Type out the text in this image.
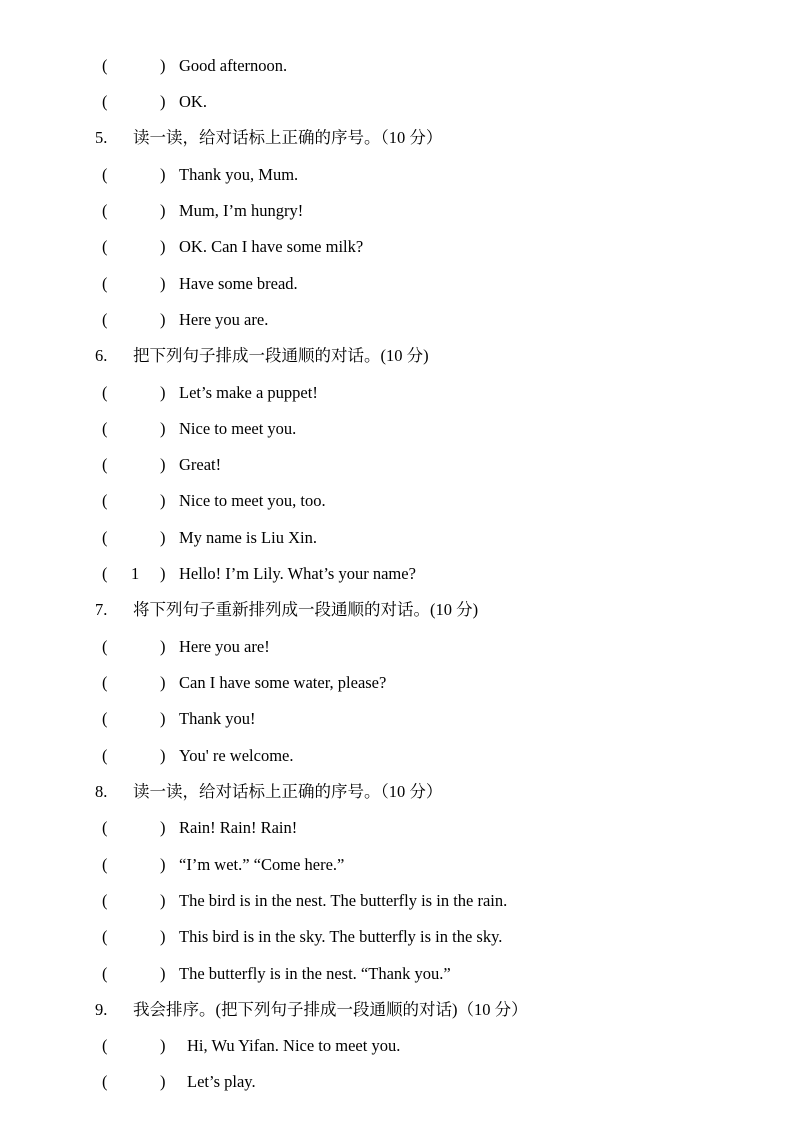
(	) Good afternoon.
(	) OK.
5. 读一读，给对话标上正确的序号。（10 分）
(	) Thank you, Mum.
(	) Mum, I’m hungry!
(	) OK. Can I have some milk?
(	) Have some bread.
(	) Here you are.
6. 把下列句子排成一段通顺的对话。(10 分)
(	) Let’s make a puppet!
(	) Nice to meet you.
(	) Great!
(	) Nice to meet you, too.
(	) My name is Liu Xin.
( 1 ) Hello! I’m Lily. What’s your name?
7. 将下列句子重新排列成一段通顺的对话。(10 分)
(	) Here you are!
(	) Can I have some water, please?
(	) Thank you!
(	) You' re welcome.
8. 读一读，给对话标上正确的序号。（10 分）
(	) Rain! Rain! Rain!
(	) “I’m wet.” “Come here.”
(	) The bird is in the nest. The butterfly is in the rain.
(	) This bird is in the sky. The butterfly is in the sky.
(	) The butterfly is in the nest. “Thank you.”
9. 我会排序。(把下列句子排成一段通顺的对话)（10 分）
(	) Hi, Wu Yifan. Nice to meet you.
(	) Let’s play.
